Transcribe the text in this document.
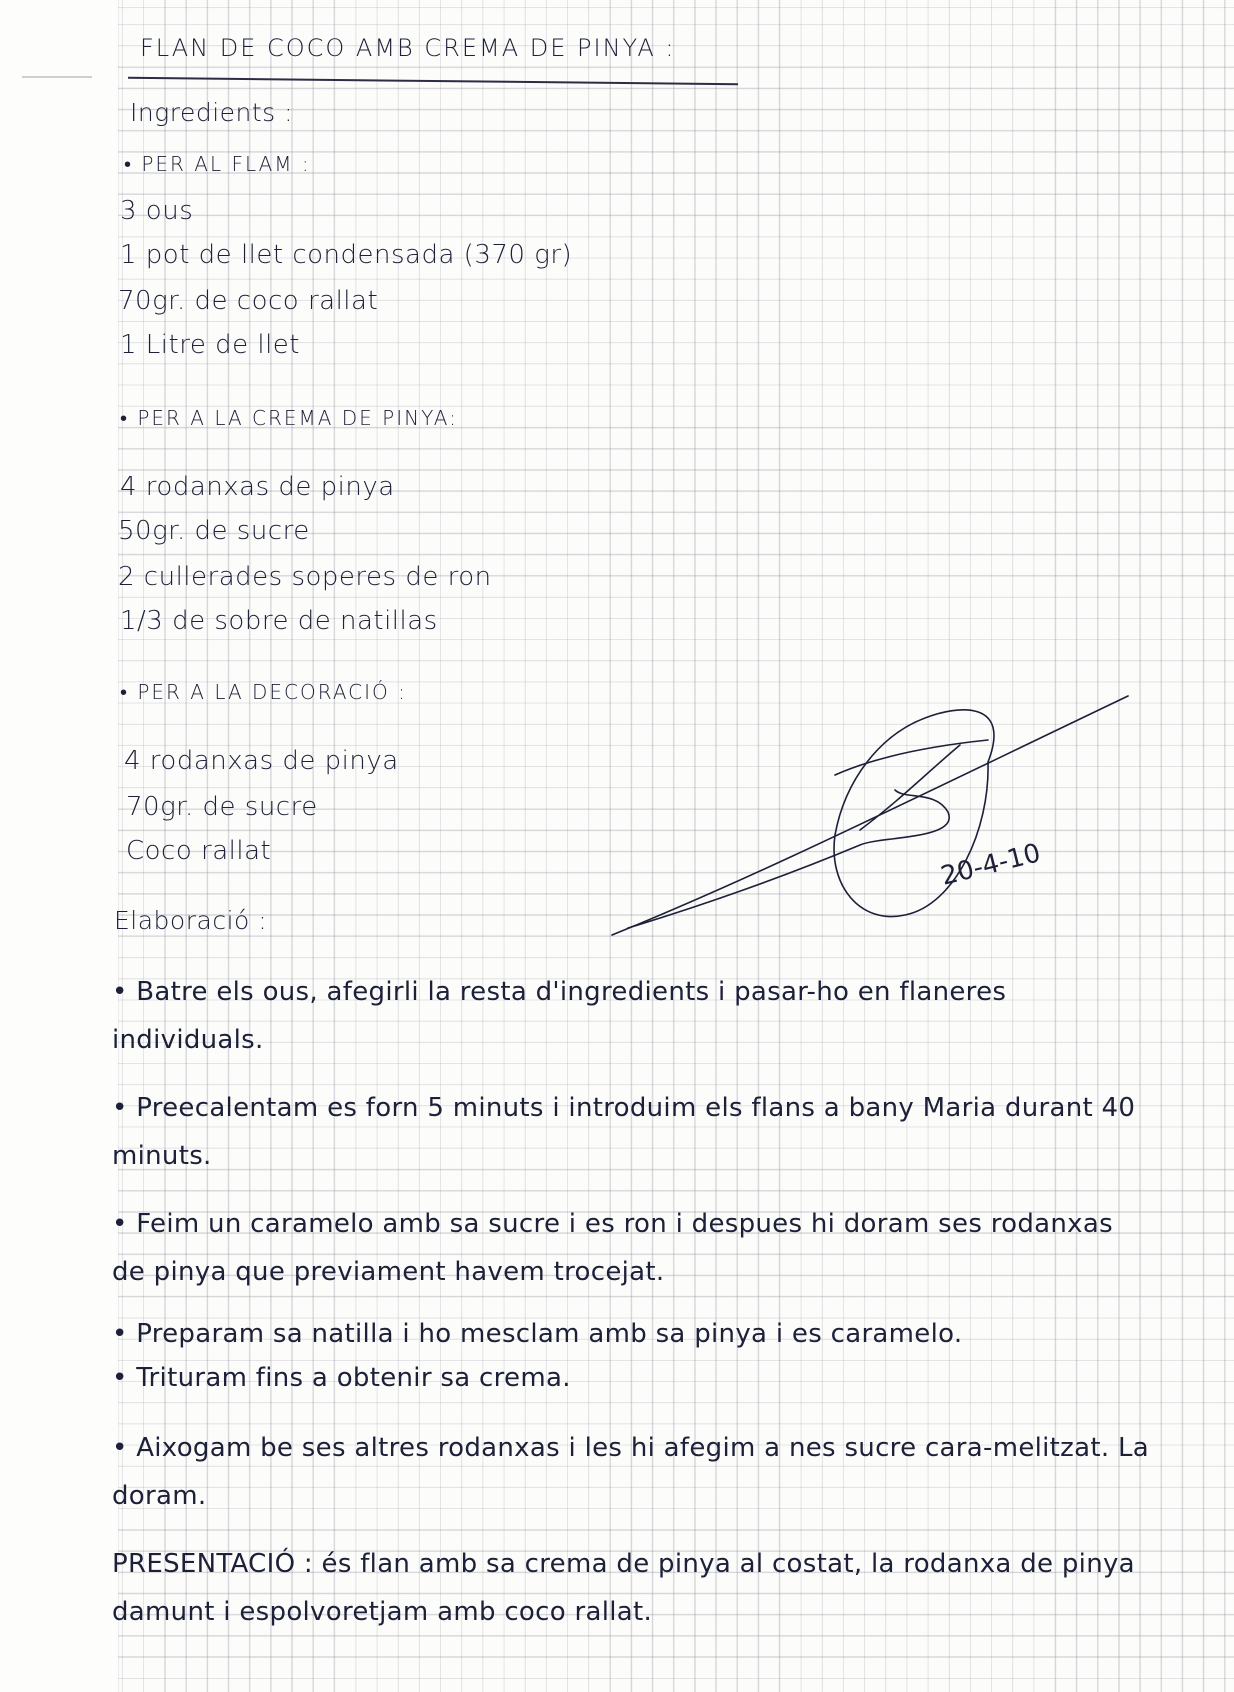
FLAN DE COCO AMB CREMA DE PINYA :
Ingredients :
• PER AL FLAM :
3 ous
1 pot de llet condensada (370 gr)
70gr. de coco rallat
1 Litre de llet
• PER A LA CREMA DE PINYA:
4 rodanxas de pinya
50gr. de sucre
2 cullerades soperes de ron
1/3 de sobre de natillas
• PER A LA DECORACIÓ :
4 rodanxas de pinya
70gr. de sucre
Coco rallat
Elaboració :
• Batre els ous, afegirli la resta d'ingredients i pasar-ho en flaneres individuals.
• Preecalentam es forn 5 minuts i introduim els flans a bany Maria durant 40 minuts.
• Feim un caramelo amb sa sucre i es ron i despues hi doram ses rodanxas de pinya que previament havem trocejat.
• Preparam sa natilla i ho mesclam amb sa pinya i es caramelo.
• Trituram fins a obtenir sa crema.
• Aixogam be ses altres rodanxas i les hi afegim a nes sucre cara-melitzat. La doram.
PRESENTACIÓ : és flan amb sa crema de pinya al costat, la rodanxa de pinya damunt i espolvoretjam amb coco rallat.
20-4-10
